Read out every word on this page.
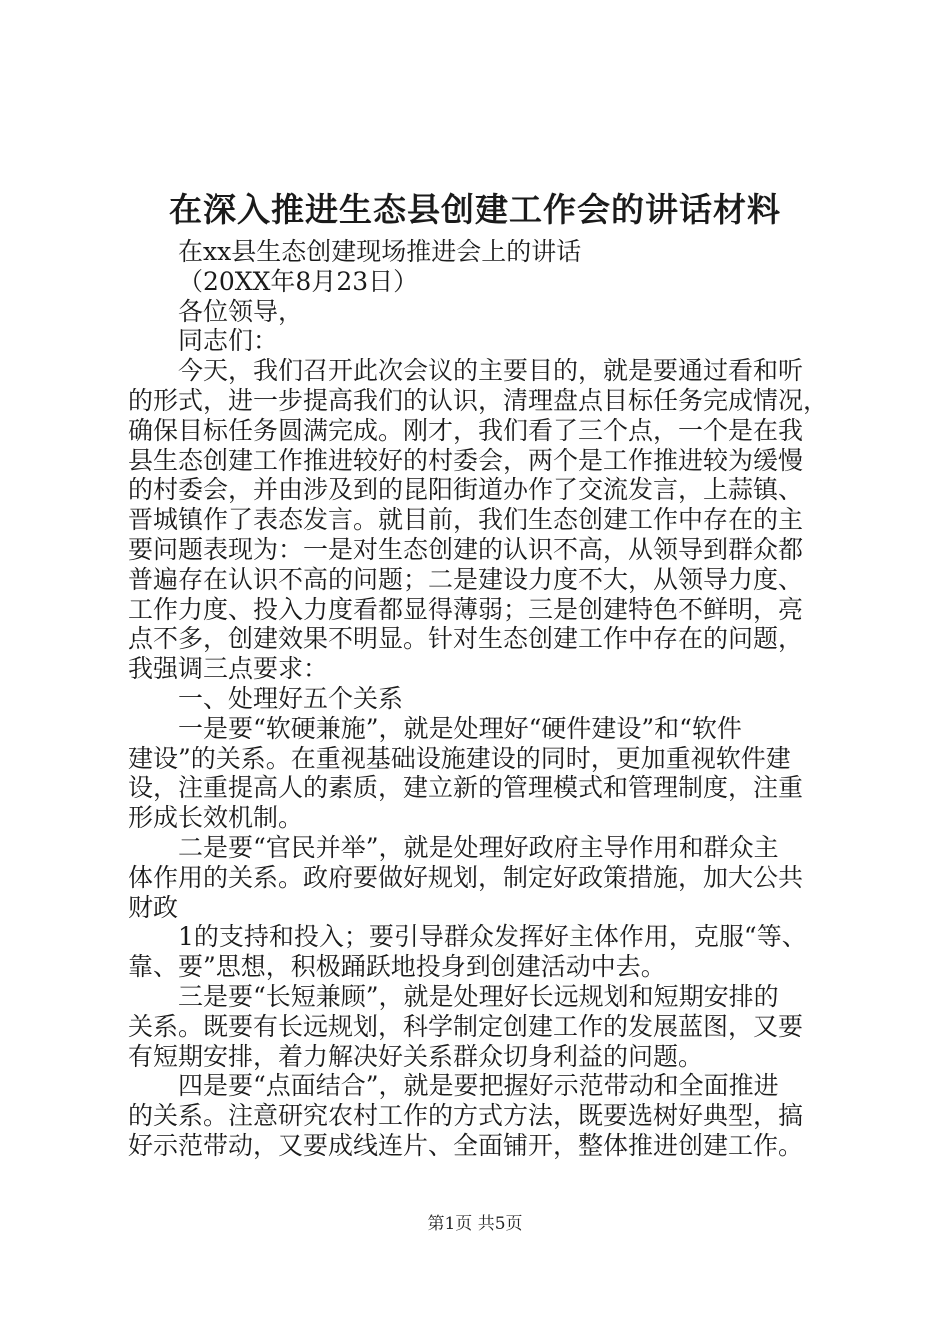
在深入推进生态县创建工作会的讲话材料
在xx县生态创建现场推进会上的讲话
（20XX年8月23日）
各位领导，
同志们：
今天，我们召开此次会议的主要目的，就是要通过看和听
的形式，进一步提高我们的认识，清理盘点目标任务完成情况，
确保目标任务圆满完成。刚才，我们看了三个点，一个是在我
县生态创建工作推进较好的村委会，两个是工作推进较为缓慢
的村委会，并由涉及到的昆阳街道办作了交流发言，上蒜镇、
晋城镇作了表态发言。就目前，我们生态创建工作中存在的主
要问题表现为：一是对生态创建的认识不高，从领导到群众都
普遍存在认识不高的问题；二是建设力度不大，从领导力度、
工作力度、投入力度看都显得薄弱；三是创建特色不鲜明，亮
点不多，创建效果不明显。针对生态创建工作中存在的问题，
我强调三点要求：
一、处理好五个关系
一是要“软硬兼施”，就是处理好“硬件建设”和“软件
建设”的关系。在重视基础设施建设的同时，更加重视软件建
设，注重提高人的素质，建立新的管理模式和管理制度，注重
形成长效机制。
二是要“官民并举”，就是处理好政府主导作用和群众主
体作用的关系。政府要做好规划，制定好政策措施，加大公共
财政
1的支持和投入；要引导群众发挥好主体作用，克服“等、
靠、要”思想，积极踊跃地投身到创建活动中去。
三是要“长短兼顾”，就是处理好长远规划和短期安排的
关系。既要有长远规划，科学制定创建工作的发展蓝图，又要
有短期安排，着力解决好关系群众切身利益的问题。
四是要“点面结合”，就是要把握好示范带动和全面推进
的关系。注意研究农村工作的方式方法，既要选树好典型，搞
好示范带动，又要成线连片、全面铺开，整体推进创建工作。
第1页 共5页
